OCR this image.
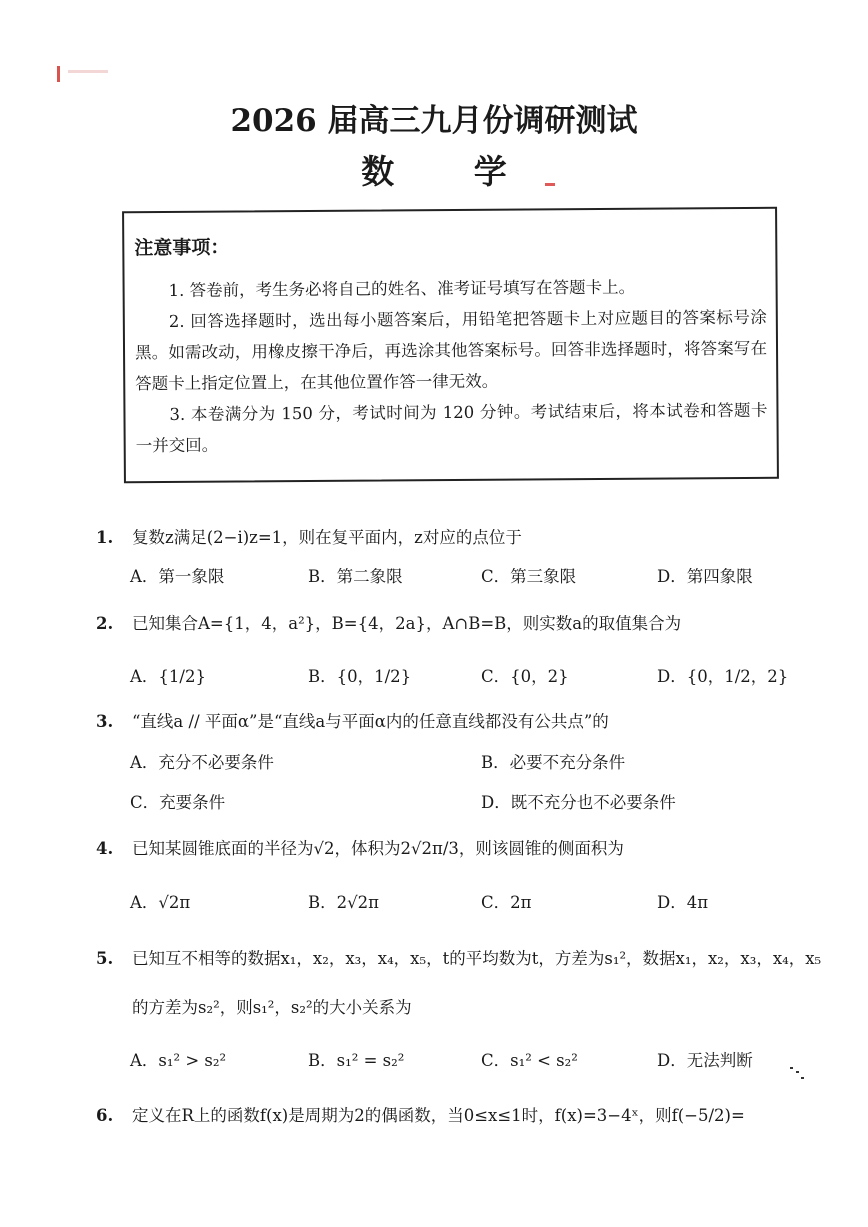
2026 届高三九月份调研测试
数 学
注意事项：

1. 答卷前，考生务必将自己的姓名、准考证号填写在答题卡上。

2. 回答选择题时，选出每小题答案后，用铅笔把答题卡上对应题目的答案标号涂黑。如需改动，用橡皮擦干净后，再选涂其他答案标号。回答非选择题时，将答案写在答题卡上指定位置上，在其他位置作答一律无效。

3. 本卷满分为 150 分，考试时间为 120 分钟。考试结束后，将本试卷和答题卡一并交回。

1. 复数z满足(2−i)z=1，则在复平面内，z对应的点位于
A．第一象限	B．第二象限	C．第三象限	D．第四象限
2. 已知集合A={1，4，a²}，B={4，2a}，A∩B=B，则实数a的取值集合为
A．{1/2}	B．{0，1/2}	C．{0，2}	D．{0，1/2，2}
3. “直线a // 平面α”是“直线a与平面α内的任意直线都没有公共点”的
A．充分不必要条件	B．必要不充分条件
C．充要条件	D．既不充分也不必要条件
4. 已知某圆锥底面的半径为√2，体积为2√2π/3，则该圆锥的侧面积为
A．√2π	B．2√2π	C．2π	D．4π
5. 已知互不相等的数据x₁，x₂，x₃，x₄，x₅，t的平均数为t，方差为s₁²，数据x₁，x₂，x₃，x₄，x₅
的方差为s₂²，则s₁²，s₂²的大小关系为
A．s₁² > s₂²	B．s₁² = s₂²	C．s₁² < s₂²	D．无法判断
6. 定义在R上的函数f(x)是周期为2的偶函数，当0≤x≤1时，f(x)=3−4ˣ，则f(−5/2)=
